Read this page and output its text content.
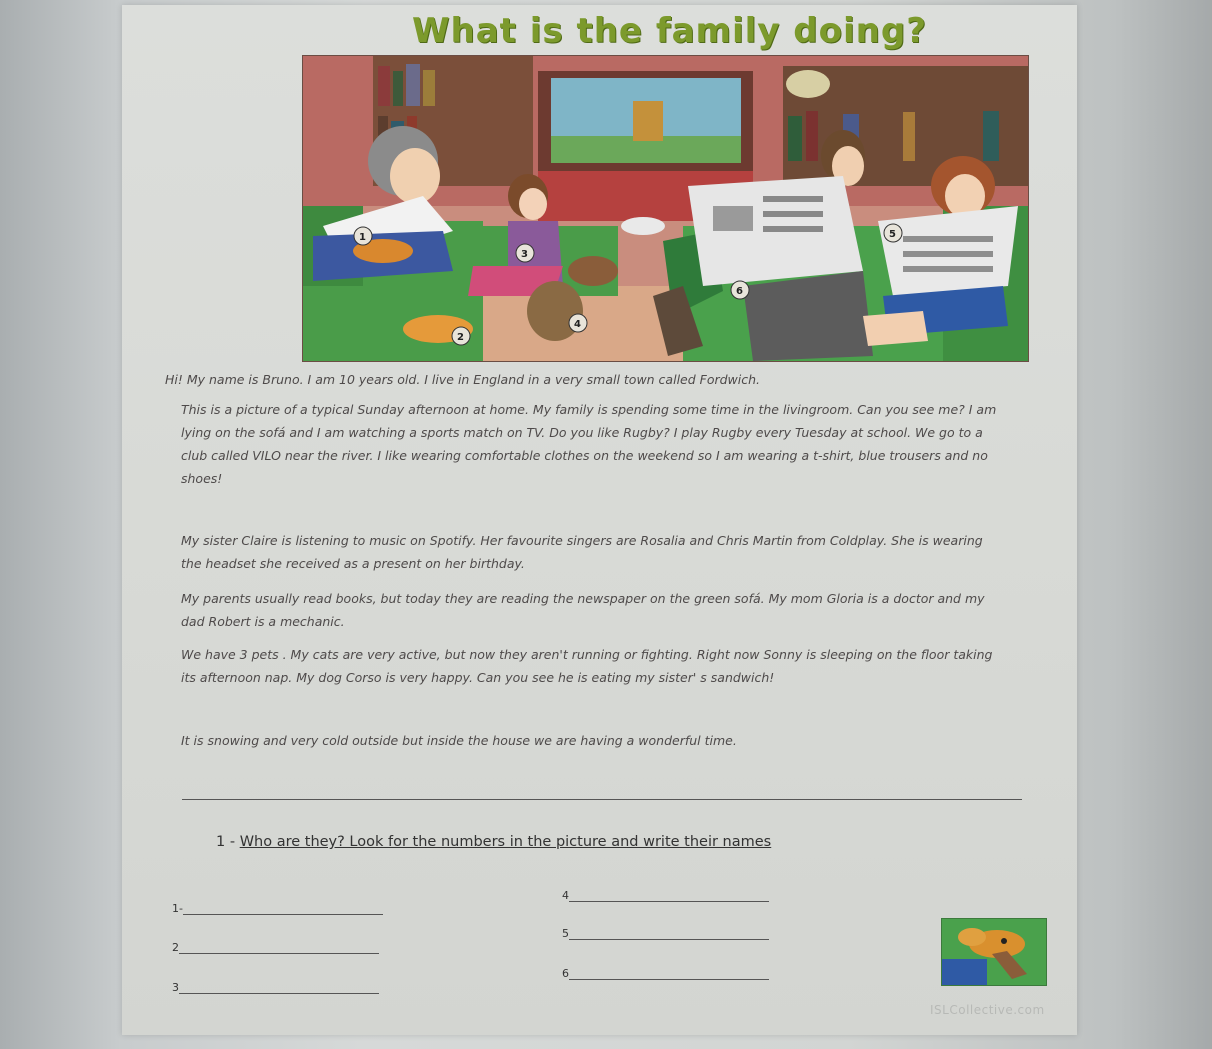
What is the family doing?
1
2
3
4
5
6
Hi! My name is Bruno. I am 10 years old. I live in England in a very small town called Fordwich.
This is a picture of a typical Sunday afternoon at home. My family is spending some time in the livingroom. Can you see me? I am lying on the sofá and I am watching a sports match on TV. Do you like Rugby? I play Rugby every Tuesday at school. We go to a club called VILO near the river. I like wearing comfortable clothes on the weekend so I am wearing a t-shirt, blue trousers and no shoes!
My sister Claire is listening to music on Spotify. Her favourite singers are Rosalia and Chris Martin from Coldplay. She is wearing the headset she received as a present on her birthday.
My parents usually read books, but today they are reading the newspaper on the green sofá. My mom Gloria is a doctor and my dad Robert is a mechanic.
We have 3 pets . My cats are very active, but now they aren't running or fighting. Right now Sonny is sleeping on the floor taking its afternoon nap. My dog Corso is very happy. Can you see he is eating my sister' s sandwich!
It is snowing and very cold outside but inside the house we are having a wonderful time.
1 - Who are they? Look for the numbers in the picture and write their names
1-
2
3
4
5
6
ISLCollective.com
